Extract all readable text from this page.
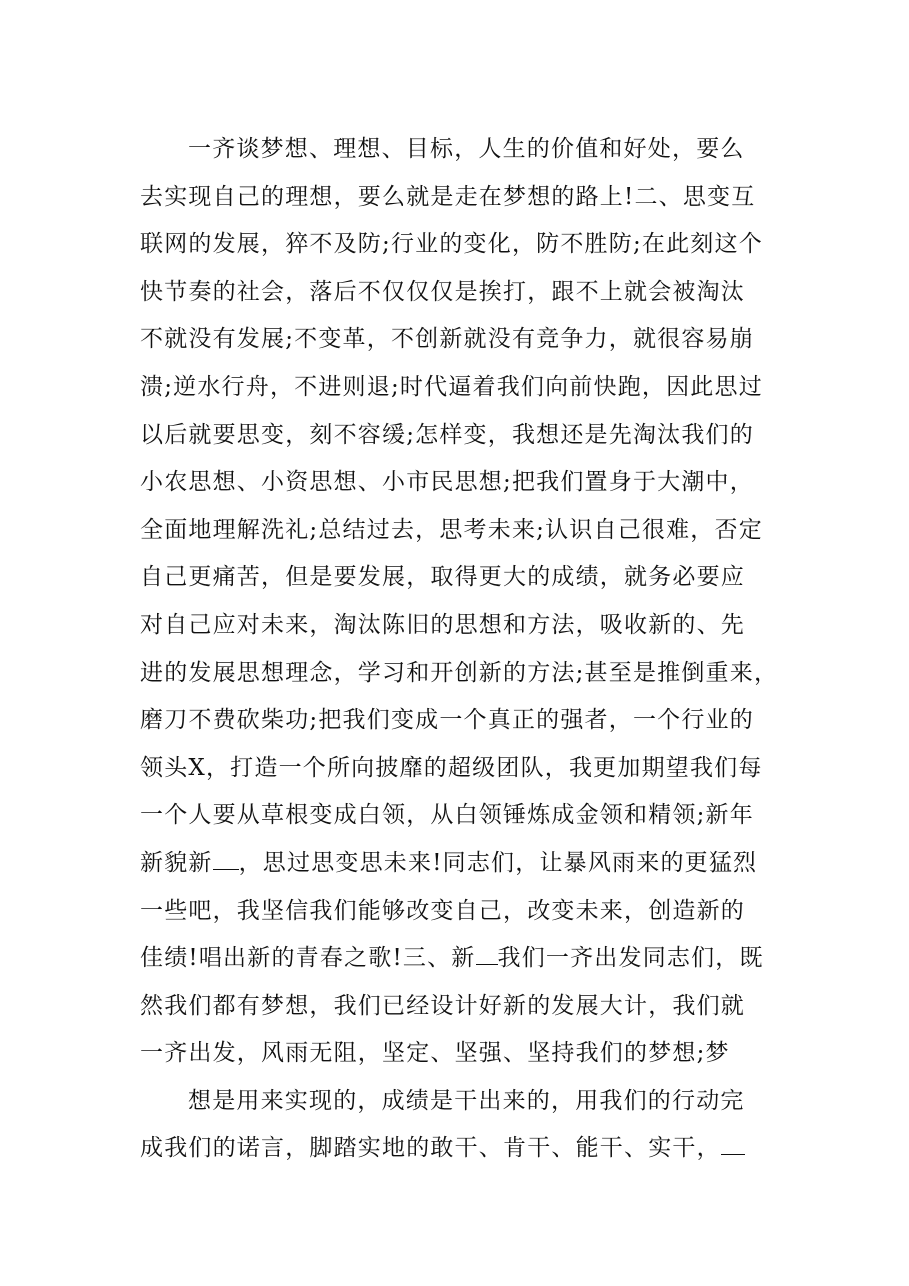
一齐谈梦想、理想、目标，人生的价值和好处，要么
去实现自己的理想，要么就是走在梦想的路上!二、思变互
联网的发展，猝不及防;行业的变化，防不胜防;在此刻这个
快节奏的社会，落后不仅仅仅是挨打，跟不上就会被淘汰
不就没有发展;不变革，不创新就没有竞争力，就很容易崩
溃;逆水行舟，不进则退;时代逼着我们向前快跑，因此思过
以后就要思变，刻不容缓;怎样变，我想还是先淘汰我们的
小农思想、小资思想、小市民思想;把我们置身于大潮中，
全面地理解洗礼;总结过去，思考未来;认识自己很难，否定
自己更痛苦，但是要发展，取得更大的成绩，就务必要应
对自己应对未来，淘汰陈旧的思想和方法，吸收新的、先
进的发展思想理念，学习和开创新的方法;甚至是推倒重来，
磨刀不费砍柴功;把我们变成一个真正的强者，一个行业的
领头X，打造一个所向披靡的超级团队，我更加期望我们每
一个人要从草根变成白领，从白领锤炼成金领和精领;新年
新貌新 ，思过思变思未来!同志们，让暴风雨来的更猛烈
一些吧，我坚信我们能够改变自己，改变未来，创造新的
佳绩!唱出新的青春之歌!三、新 我们一齐出发同志们，既
然我们都有梦想，我们已经设计好新的发展大计，我们就
一齐出发，风雨无阻，坚定、坚强、坚持我们的梦想;梦
想是用来实现的，成绩是干出来的，用我们的行动完
成我们的诺言，脚踏实地的敢干、肯干、能干、实干，
